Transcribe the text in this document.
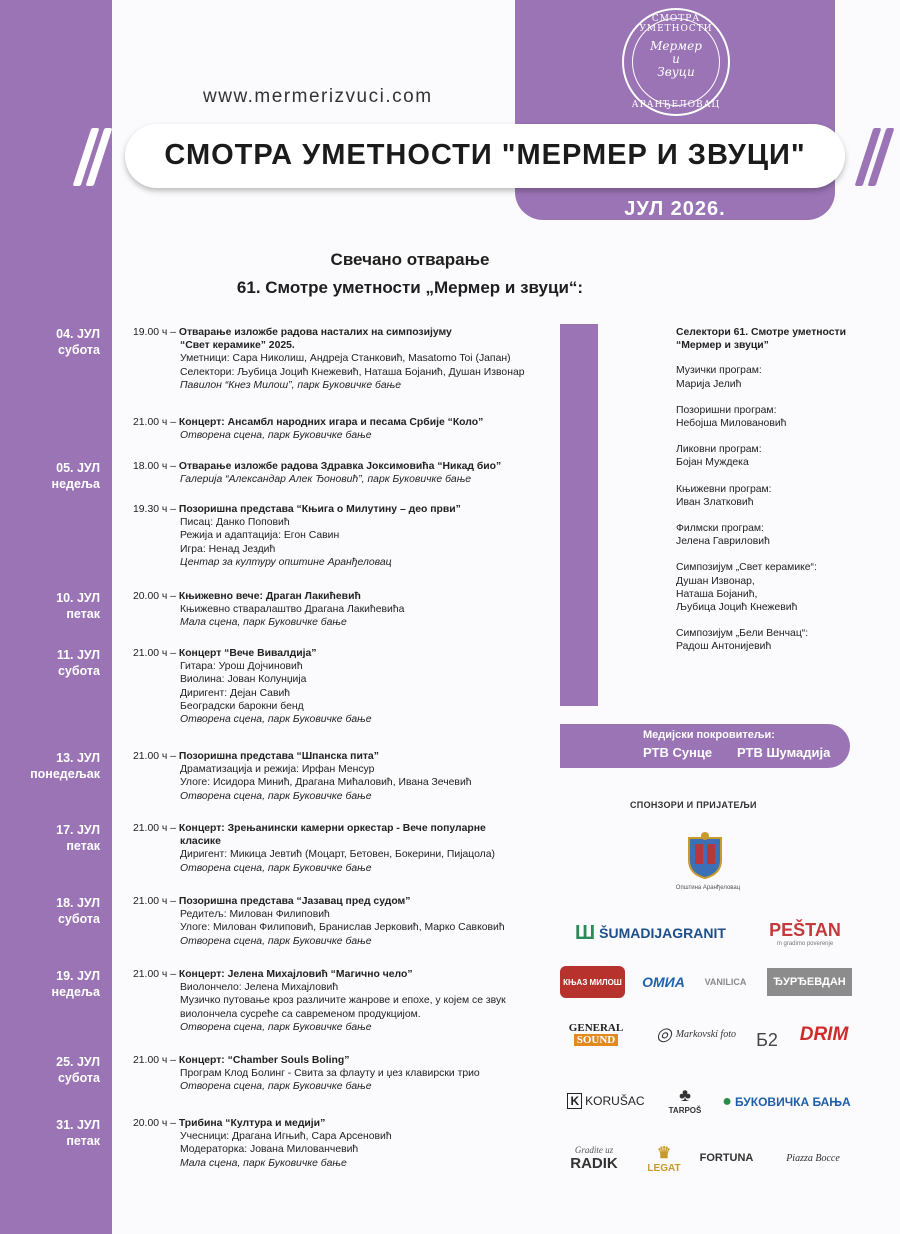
СМОТРА УМЕТНОСТИ
Мермер
и
Звуци
АРАНЂЕЛОВАЦ
www.mermerizvuci.com
СМОТРА УМЕТНОСТИ "МЕРМЕР И ЗВУЦИ"
ЈУЛ 2026.
Свечано отварање
61. Смотре уметности „Мермер и звуци“:
Селектори 61. Смотре уметности
“Мермер и звуци”
Музички програм:
Марија Јелић
Позоришни програм:
Небојша Миловановић
Ликовни програм:
Бојан Муждека
Књижевни програм:
Иван Златковић
Филмски програм:
Јелена Гавриловић
Симпозијум „Свет керамике“:
Душан Извонар,
Наташа Бојанић,
Љубица Јоцић Кнежевић
Симпозијум „Бели Венчац“:
Радош Антонијевић
Медијски покровитељи:
РТВ Сунце РТВ Шумадија
СПОНЗОРИ И ПРИЈАТЕЉИ
Општина Аранђеловац
Ш ŠUMADIJAGRANIT PEŠTAN
m gradimo poverenje
КЊАЗ МИЛОШ ОМИА	VANILICA	ЂУРЂЕВДАН
GENERAL
SOUND ◎ Markovski foto Б2	DRIM
K KORUŠAC ♣
TARPOŠ
● БУКОВИЧКА БАЊА
Gradite uz
RADIK
♛
LEGAT
FORTUNA	Piazza Bocce
04. ЈУЛ
субота
19.00 ч – Отварање изложбе радова насталих на симпозијуму
“Свет керамике” 2025.
Уметници: Сара Николиш, Андреја Станковић, Masatomo Toi (Јапан)
Селектори: Љубица Јоцић Кнежевић, Наташа Бојанић, Душан Извонар
Павилон “Кнез Милош”, парк Буковичке бање
21.00 ч – Концерт: Ансамбл народних игара и песама Србије “Коло”
Отворена сцена, парк Буковичке бање
05. ЈУЛ
недеља
18.00 ч – Отварање изложбе радова Здравка Јоксимовића “Никад био”
Галерија “Александар Алек Ђоновић”, парк Буковичке бање
19.30 ч – Позоришна представа “Књига о Милутину – део први”
Писац: Данко Поповић
Режија и адаптација: Егон Савин
Игра: Ненад Јездић
Центар за културу општине Аранђеловац
10. ЈУЛ
петак
20.00 ч – Књижевно вече: Драган Лакићевић
Књижевно стваралаштво Драгана Лакићевића
Мала сцена, парк Буковичке бање
11. ЈУЛ
субота
21.00 ч – Концерт “Вече Вивалдија”
Гитара: Урош Дојчиновић
Виолина: Јован Колунџија
Диригент: Дејан Савић
Београдски барокни бенд
Отворена сцена, парк Буковичке бање
13. ЈУЛ
понедељак
21.00 ч – Позоришна представа “Шпанска пита”
Драматизација и режија: Ирфан Менсур
Улоге: Исидора Минић, Драгана Мићаловић, Ивана Зечевић
Отворена сцена, парк Буковичке бање
17. ЈУЛ
петак
21.00 ч – Концерт: Зрењанински камерни оркестар - Вече популарне
класике
Диригент: Микица Јевтић (Моцарт, Бетовен, Бокерини, Пијацола)
Отворена сцена, парк Буковичке бање
18. ЈУЛ
субота
21.00 ч – Позоришна представа “Јазавац пред судом”
Редитељ: Милован Филиповић
Улоге: Милован Филиповић, Бранислав Јерковић, Марко Савковић
Отворена сцена, парк Буковичке бање
19. ЈУЛ
недеља
21.00 ч – Концерт: Јелена Михајловић “Магично чело”
Виолончело: Јелена Михајловић
Музичко путовање кроз различите жанрове и епохе, у којем се звук
виолончела сусреће са савременом продукцијом.
Отворена сцена, парк Буковичке бање
25. ЈУЛ
субота
21.00 ч – Концерт: “Chamber Souls Boling”
Програм Клод Болинг - Свита за флауту и џез клавирски трио
Отворена сцена, парк Буковичке бање
31. ЈУЛ
петак
20.00 ч – Трибина “Култура и медији”
Учесници: Драгана Игњић, Сара Арсеновић
Модераторка: Јована Милованчевић
Мала сцена, парк Буковичке бање
